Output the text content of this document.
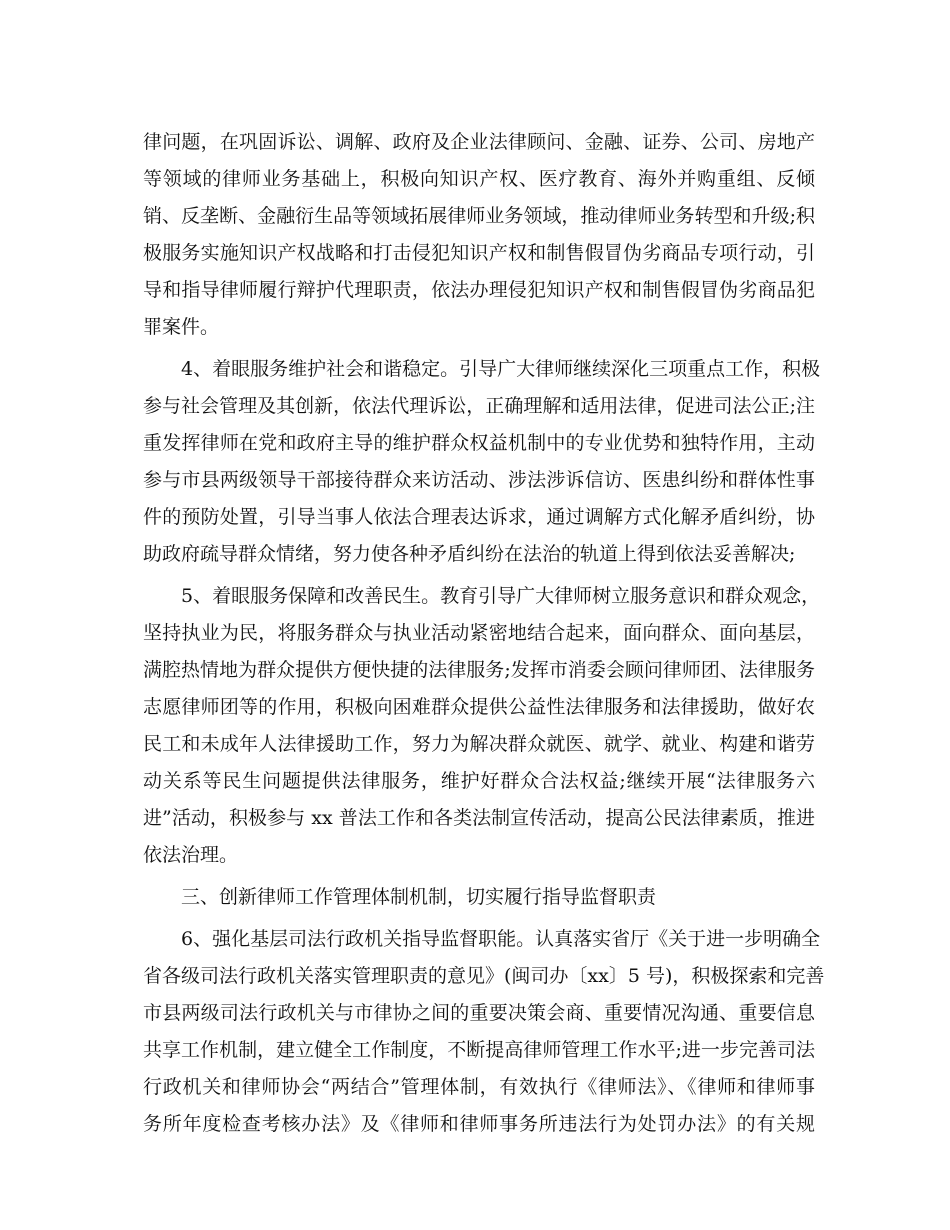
律问题，在巩固诉讼、调解、政府及企业法律顾问、金融、证券、公司、房地产
等领域的律师业务基础上，积极向知识产权、医疗教育、海外并购重组、反倾
销、反垄断、金融衍生品等领域拓展律师业务领域，推动律师业务转型和升级;积
极服务实施知识产权战略和打击侵犯知识产权和制售假冒伪劣商品专项行动，引
导和指导律师履行辩护代理职责，依法办理侵犯知识产权和制售假冒伪劣商品犯
罪案件。
4、着眼服务维护社会和谐稳定。引导广大律师继续深化三项重点工作，积极
参与社会管理及其创新，依法代理诉讼，正确理解和适用法律，促进司法公正;注
重发挥律师在党和政府主导的维护群众权益机制中的专业优势和独特作用，主动
参与市县两级领导干部接待群众来访活动、涉法涉诉信访、医患纠纷和群体性事
件的预防处置，引导当事人依法合理表达诉求，通过调解方式化解矛盾纠纷，协
助政府疏导群众情绪，努力使各种矛盾纠纷在法治的轨道上得到依法妥善解决;
5、着眼服务保障和改善民生。教育引导广大律师树立服务意识和群众观念，
坚持执业为民，将服务群众与执业活动紧密地结合起来，面向群众、面向基层，
满腔热情地为群众提供方便快捷的法律服务;发挥市消委会顾问律师团、法律服务
志愿律师团等的作用，积极向困难群众提供公益性法律服务和法律援助，做好农
民工和未成年人法律援助工作，努力为解决群众就医、就学、就业、构建和谐劳
动关系等民生问题提供法律服务，维护好群众合法权益;继续开展“法律服务六
进”活动，积极参与 xx 普法工作和各类法制宣传活动，提高公民法律素质，推进
依法治理。
三、创新律师工作管理体制机制，切实履行指导监督职责
6、强化基层司法行政机关指导监督职能。认真落实省厅《关于进一步明确全
省各级司法行政机关落实管理职责的意见》(闽司办〔xx〕5 号)，积极探索和完善
市县两级司法行政机关与市律协之间的重要决策会商、重要情况沟通、重要信息
共享工作机制，建立健全工作制度，不断提高律师管理工作水平;进一步完善司法
行政机关和律师协会“两结合”管理体制，有效执行《律师法》、《律师和律师事
务所年度检查考核办法》及《律师和律师事务所违法行为处罚办法》的有关规
